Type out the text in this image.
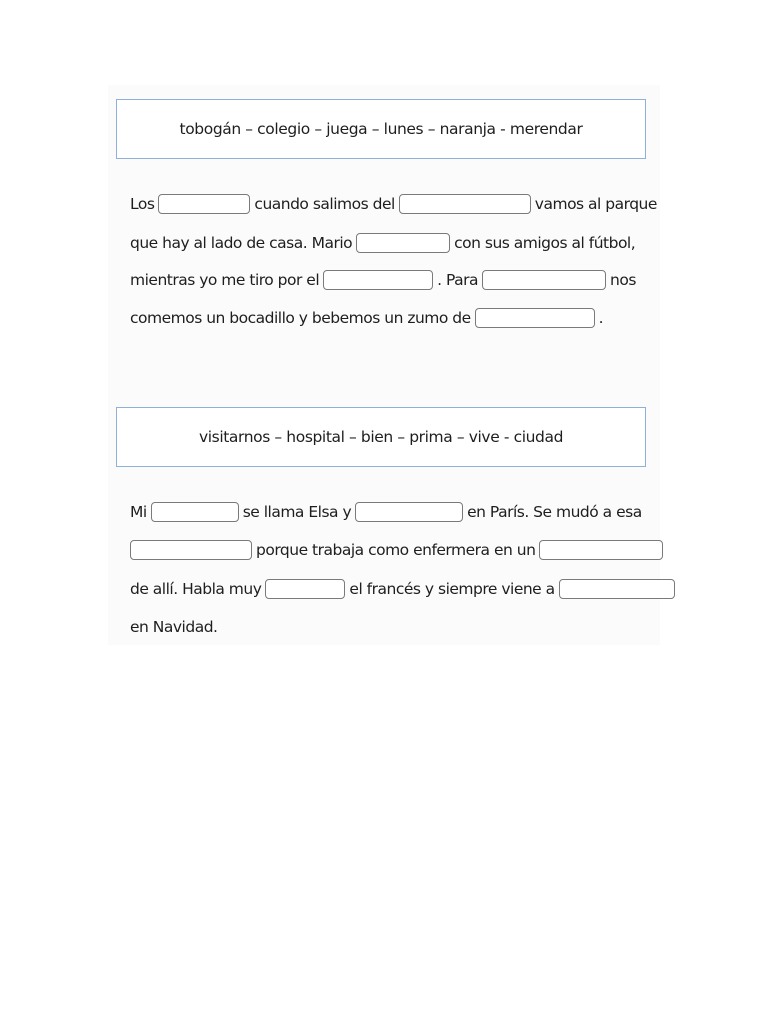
tobogán – colegio – juega – lunes – naranja - merendar
Los	cuando salimos del	vamos al parque
que hay al lado de casa. Mario	con sus amigos al fútbol,
mientras yo me tiro por el	. Para	nos
comemos un bocadillo y bebemos un zumo de	.
visitarnos – hospital – bien – prima – vive - ciudad
Mi	se llama Elsa y	en París. Se mudó a esa
porque trabaja como enfermera en un
de allí. Habla muy	el francés y siempre viene a
en Navidad.
